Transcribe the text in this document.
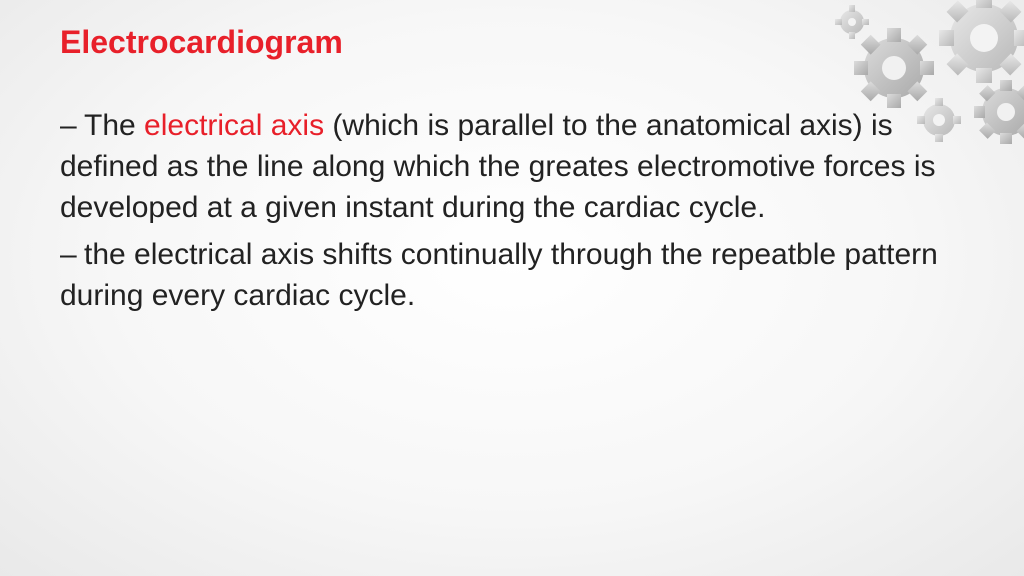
Electrocardiogram

– The electrical axis (which is parallel to the anatomical axis) is defined as the line along which the greates electromotive forces is developed at a given instant during the cardiac cycle.

– the electrical axis shifts continually through the repeatble pattern during every cardiac cycle.
